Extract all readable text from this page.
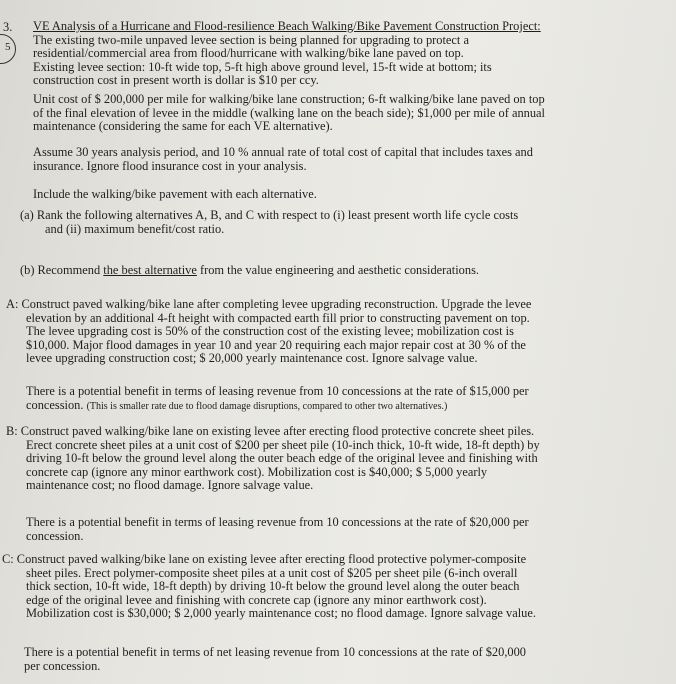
5
3. VE Analysis of a Hurricane and Flood-resilience Beach Walking/Bike Pavement Construction Project:

The existing two-mile unpaved levee section is being planned for upgrading to protect a

residential/commercial area from flood/hurricane with walking/bike lane paved on top.

Existing levee section: 10-ft wide top, 5-ft high above ground level, 15-ft wide at bottom; its

construction cost in present worth is dollar is $10 per ccy.

Unit cost of $ 200,000 per mile for walking/bike lane construction; 6-ft walking/bike lane paved on top

of the final elevation of levee in the middle (walking lane on the beach side); $1,000 per mile of annual

maintenance (considering the same for each VE alternative).

Assume 30 years analysis period, and 10 % annual rate of total cost of capital that includes taxes and

insurance. Ignore flood insurance cost in your analysis.

Include the walking/bike pavement with each alternative.

(a) Rank the following alternatives A, B, and C with respect to (i) least present worth life cycle costs

and (ii) maximum benefit/cost ratio.

(b) Recommend the best alternative from the value engineering and aesthetic considerations.

A: Construct paved walking/bike lane after completing levee upgrading reconstruction. Upgrade the levee

elevation by an additional 4-ft height with compacted earth fill prior to constructing pavement on top.

The levee upgrading cost is 50% of the construction cost of the existing levee; mobilization cost is

$10,000. Major flood damages in year 10 and year 20 requiring each major repair cost at 30 % of the

levee upgrading construction cost; $ 20,000 yearly maintenance cost. Ignore salvage value.

There is a potential benefit in terms of leasing revenue from 10 concessions at the rate of $15,000 per

concession. (This is smaller rate due to flood damage disruptions, compared to other two alternatives.)

B: Construct paved walking/bike lane on existing levee after erecting flood protective concrete sheet piles.

Erect concrete sheet piles at a unit cost of $200 per sheet pile (10-inch thick, 10-ft wide, 18-ft depth) by

driving 10-ft below the ground level along the outer beach edge of the original levee and finishing with

concrete cap (ignore any minor earthwork cost). Mobilization cost is $40,000; $ 5,000 yearly

maintenance cost; no flood damage. Ignore salvage value.

There is a potential benefit in terms of leasing revenue from 10 concessions at the rate of $20,000 per

concession.

C: Construct paved walking/bike lane on existing levee after erecting flood protective polymer-composite

sheet piles. Erect polymer-composite sheet piles at a unit cost of $205 per sheet pile (6-inch overall

thick section, 10-ft wide, 18-ft depth) by driving 10-ft below the ground level along the outer beach

edge of the original levee and finishing with concrete cap (ignore any minor earthwork cost).

Mobilization cost is $30,000; $ 2,000 yearly maintenance cost; no flood damage. Ignore salvage value.

There is a potential benefit in terms of net leasing revenue from 10 concessions at the rate of $20,000

per concession.
